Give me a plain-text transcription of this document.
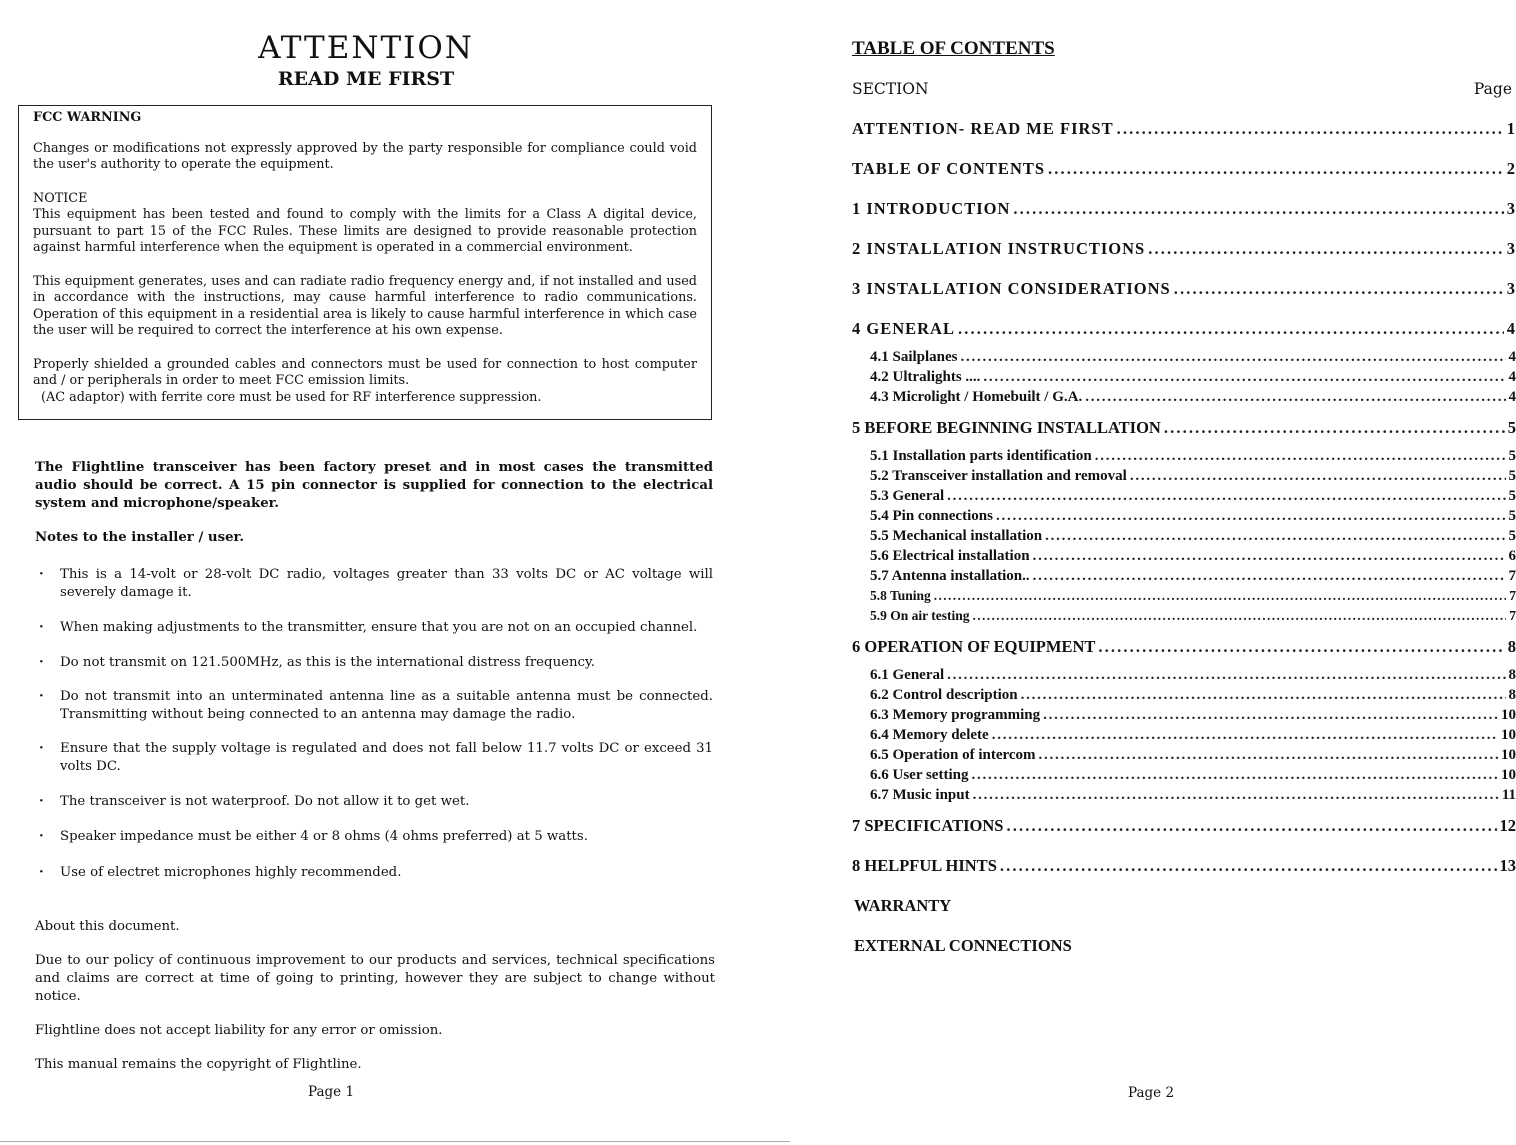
ATTENTION
READ ME FIRST

FCC WARNING

Changes or modifications not expressly approved by the party responsible for compliance could void the user's authority to operate the equipment.

NOTICE

This equipment has been tested and found to comply with the limits for a Class A digital device, pursuant to part 15 of the FCC Rules. These limits are designed to provide reasonable protection against harmful interference when the equipment is operated in a commercial environment.

This equipment generates, uses and can radiate radio frequency energy and, if not installed and used in accordance with the instructions, may cause harmful interference to radio communications. Operation of this equipment in a residential area is likely to cause harmful interference in which case the user will be required to correct the interference at his own expense.

Properly shielded a grounded cables and connectors must be used for connection to host computer and / or peripherals in order to meet FCC emission limits.

(AC adaptor) with ferrite core must be used for RF interference suppression.

The Flightline transceiver has been factory preset and in most cases the transmitted audio should be correct. A 15 pin connector is supplied for connection to the electrical system and microphone/speaker.
Notes to the installer / user.
· This is a 14-volt or 28-volt DC radio, voltages greater than 33 volts DC or AC voltage will severely damage it.
· When making adjustments to the transmitter, ensure that you are not on an occupied channel.
· Do not transmit on 121.500MHz, as this is the international distress frequency.
· Do not transmit into an unterminated antenna line as a suitable antenna must be connected. Transmitting without being connected to an antenna may damage the radio.
· Ensure that the supply voltage is regulated and does not fall below 11.7 volts DC or exceed 31 volts DC.
· The transceiver is not waterproof. Do not allow it to get wet.
· Speaker impedance must be either 4 or 8 ohms (4 ohms preferred) at 5 watts.
· Use of electret microphones highly recommended.

About this document.

Due to our policy of continuous improvement to our products and services, technical specifications and claims are correct at time of going to printing, however they are subject to change without notice.

Flightline does not accept liability for any error or omission.

This manual remains the copyright of Flightline.

Page 1
TABLE OF CONTENTS
SECTION	Page
ATTENTION- READ ME FIRST . . .	1
TABLE OF CONTENTS . . .	2
1 INTRODUCTION . . .	3
2 INSTALLATION INSTRUCTIONS . . .	3
3 INSTALLATION CONSIDERATIONS . . .	3
4 GENERAL . . .	4
4.1 Sailplanes . . .	4
4.2 Ultralights .... . . .	4
4.3 Microlight / Homebuilt / G.A. . . .	4
5 BEFORE BEGINNING INSTALLATION . . .	5
5.1 Installation parts identification . . .	5
5.2 Transceiver installation and removal . . .	5
5.3 General . . .	5
5.4 Pin connections . . .	5
5.5 Mechanical installation . . .	5
5.6 Electrical installation . . .	6
5.7 Antenna installation.. . . .	7
5.8 Tuning . . .	7
5.9 On air testing . . .	7
6 OPERATION OF EQUIPMENT . . .	8
6.1 General . . .	8
6.2 Control description . . .	8
6.3 Memory programming . . .	10
6.4 Memory delete . . .	10
6.5 Operation of intercom . . .	10
6.6 User setting . . .	10
6.7 Music input . . .	11
7 SPECIFICATIONS . . .	12
8 HELPFUL HINTS . . .	13
WARRANTY
EXTERNAL CONNECTIONS
Page 2
